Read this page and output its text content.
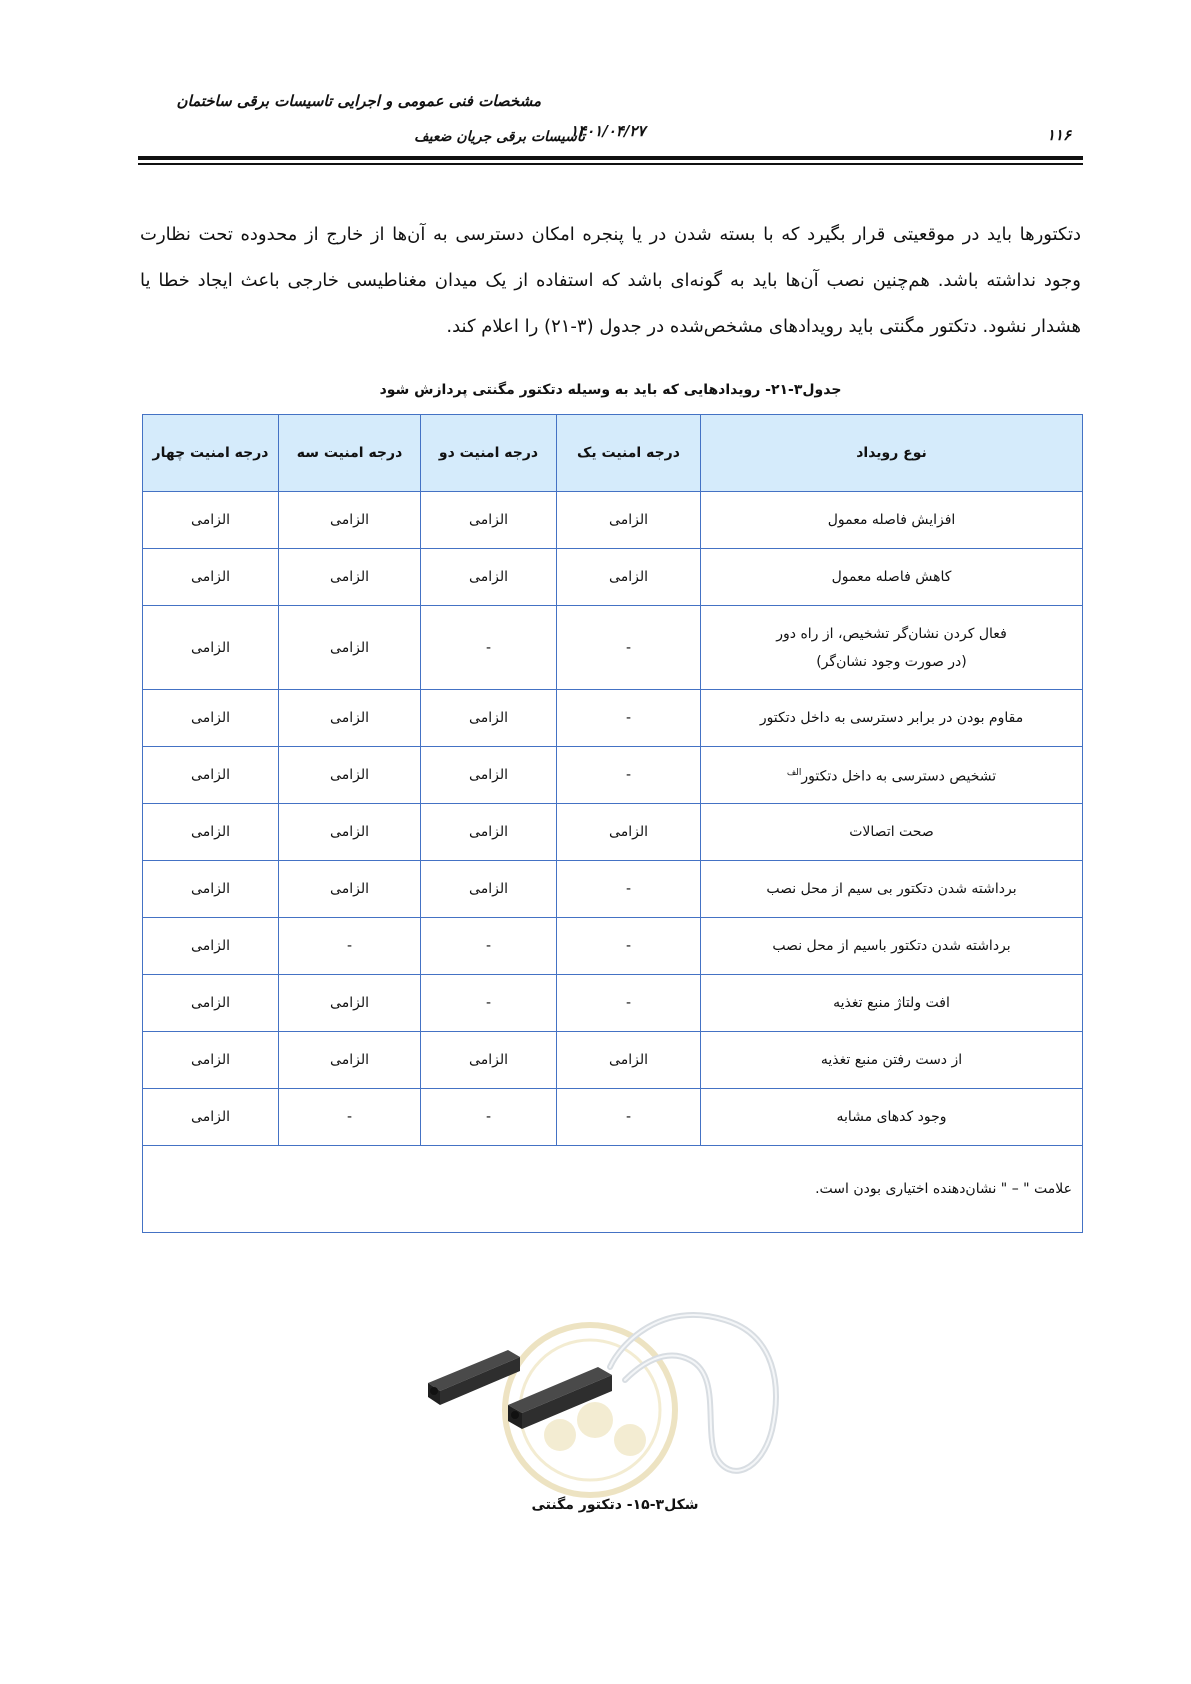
مشخصات فنی عمومی و اجرایی تاسیسات برقی ساختمان
تاسیسات برقی جریان ضعیف
۱۴۰۱/۰۴/۲۷	۱۱۶

دتکتورها باید در موقعیتی قرار بگیرد که با بسته شدن در یا پنجره امکان دسترسی به آن‌ها از خارج از محدوده تحت نظارت وجود نداشته باشد. هم‌چنین نصب آن‌ها باید به گونه‌ای باشد که استفاده از یک میدان مغناطیسی خارجی باعث ایجاد خطا یا هشدار نشود. دتکتور مگنتی باید رویدادهای مشخص‌شده در جدول (۳-۲۱) را اعلام کند.

جدول۳-۲۱- رویدادهایی که باید به وسیله دتکتور مگنتی پردازش شود
نوع رویداد	درجه امنیت یک	درجه امنیت دو	درجه امنیت سه	درجه امنیت چهار
افزایش فاصله معمول	الزامی	الزامی	الزامی	الزامی
کاهش فاصله معمول	الزامی	الزامی	الزامی	الزامی

فعال کردن نشان‌گر تشخیص، از راه دور
(در صورت وجود نشان‌گر)	-	-	الزامی	الزامی
مقاوم بودن در برابر دسترسی به داخل دتکتور	-	الزامی	الزامی	الزامی
تشخیص دسترسی به داخل دتکتور$^{الف}$	-	الزامی	الزامی	الزامی
صحت اتصالات	الزامی	الزامی	الزامی	الزامی
برداشته شدن دتکتور بی سیم از محل نصب	-	الزامی	الزامی	الزامی
برداشته شدن دتکتور باسیم از محل نصب	-	-	-	الزامی
افت ولتاژ منبع تغذیه	-	-	الزامی	الزامی
از دست رفتن منبع تغذیه	الزامی	الزامی	الزامی	الزامی
وجود کدهای مشابه	-	-	-	الزامی
علامت " – " نشان‌دهنده اختیاری بودن است.				
شکل۳-۱۵- دتکتور مگنتی
